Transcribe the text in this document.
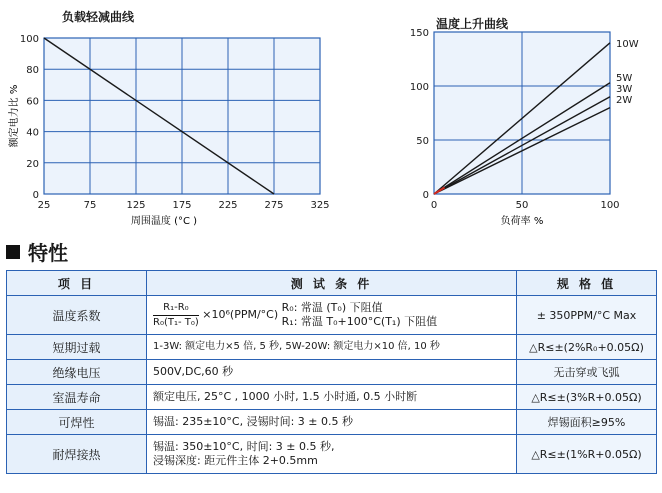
负载轻减曲线
25	75	125	175	225	275	325
0
20
40
60
80
100
周围温度 (°C )
额定电力比 %
温度上升曲线
0	50	100
0
50
100
150
10W
5W
3W
2W
负荷率 %
特性
项 目	测 试 条 件	规 格 值
温度系数	$\frac{\text{R₁-R₀}}{\text{R₀(T₁- T₀)}} \times 10^6(PPM/^\circ C)$
R₀: 常温 (T₀) 下阻值
R₁: 常温 T₀+100°C(T₁) 下阻值	± 350PPM/°C Max
短期过载	1-3W: 额定电力×5 倍, 5 秒, 5W-20W: 额定电力×10 倍, 10 秒	△R≤±(2%R₀+0.05Ω)
绝缘电压	500V,DC,60 秒	无击穿或飞弧
室温寿命	额定电压, 25°C , 1000 小时, 1.5 小时通, 0.5 小时断	△R≤±(3%R+0.05Ω)
可焊性	锡温: 235±10°C, 浸锡时间: 3 ± 0.5 秒	焊锡面积≥95%
耐焊接热	锡温: 350±10°C, 时间: 3 ± 0.5 秒,
浸锡深度: 距元件主体 2+0.5mm	△R≤±(1%R+0.05Ω)
